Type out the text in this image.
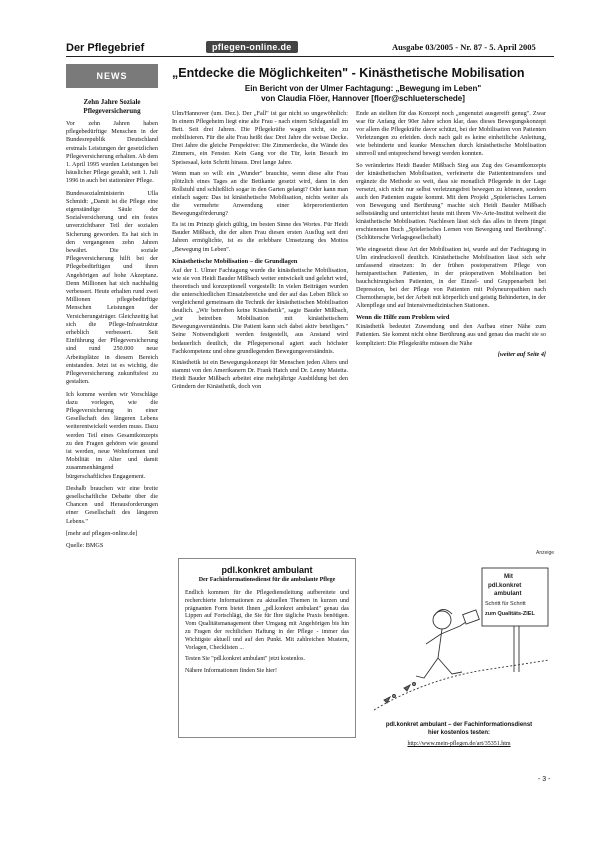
Der Pflegebrief	pflegen-online.de	Ausgabe 03/2005 - Nr. 87 - 5. April 2005
NEWS
Zehn Jahre Soziale Pflegeversicherung

Vor zehn Jahren haben pflegebedürftige Menschen in der Bundesrepublik Deutschland erstmals Leistungen der gesetzlichen Pflegeversicherung erhalten. Ab dem 1. April 1995 wurden Leistungen bei häuslicher Pflege gezahlt, seit 1. Juli 1996 in auch bei stationärer Pflege.

Bundessozialministerin Ulla Schmidt: „Damit ist die Pflege eine eigenständige Säule der Sozialversicherung und ein festes unverzichtbarer Teil der sozialen Sicherung geworden. Es hat sich in den vergangenen zehn Jahren bewährt. Die soziale Pflegeversicherung hilft bei der Pflegebedürftigen und ihren Angehörigen auf hohe Akzeptanz. Denn Millionen hat sich nachhaltig verbessert. Heute erhalten rund zwei Millionen pflegebedürftige Menschen Leistungen der Versicherungsträger. Gleichzeitig hat sich die Pflege-Infrastruktur erheblich verbessert. Seit Einführung der Pflegeversicherung sind rund 250.000 neue Arbeitsplätze in diesem Bereich entstanden. Jetzt ist es wichtig, die Pflegeversicherung zukunftsfest zu gestalten.

Ich komme werden wir Vorschläge dazu vorlegen, wie die Pflegeversicherung in einer Gesellschaft des längeren Lebens weiterentwickelt werden muss. Dazu werden Teil eines Gesamtkonzepts zu den Fragen gehören wie gesund ist werden, neue Wohnformen und Mobilität im Alter und damit zusammenhängend bürgerschaftliches Engagement.

Deshalb brauchen wir eine breite gesellschaftliche Debatte über die Chancen und Herausforderungen einer Gesellschaft des längeren Lebens."

[mehr auf pflegen-online.de]

Quelle: BMGS

„Entdecke die Möglichkeiten" - Kinästhetische Mobilisation
Ein Bericht von der Ulmer Fachtagung: „Bewegung im Leben"
von Claudia Flöer, Hannover [floer@schlueterschede]

Ulm/Hannover (um. Dez.). Der „Fall" ist gar nicht so ungewöhnlich: In einem Pflegeheim liegt eine alte Frau - nach einem Schlaganfall im Bett. Seit drei Jahren. Die Pflegekräfte wagen nicht, sie zu mobilisieren. Für die alte Frau heißt das: Drei Jahre die weisse Decke. Drei Jahre die gleiche Perspektive: Die Zimmerdecke, die Wände des Zimmers, ein Fenster. Kein Gang vor die Tür, kein Besuch im Speisesaal, kein Schritt hinaus. Drei lange Jahre.

Wenn man so will: ein „Wunder" brauchte, wenn diese alte Frau plötzlich eines Tages an die Bettkante gesetzt wird, dann in den Rollstuhl und schließlich sogar in den Garten gelangt? Oder kann man einfach sagen: Das ist kinästhetische Mobilisation, nichts weiter als die vermehrte Anwendung einer körperorientierten Bewegungsförderung?

Es ist im Prinzip gleich gültig, im besten Sinne des Wortes. Für Heidi Bauder Mißbach, die der alten Frau diesen ersten Ausflug seit drei Jahren ermöglichte, ist es die erlebbare Umsetzung des Mottos „Bewegung im Leben".

Kinästhetische Mobilisation – die Grundlagen

Auf der 1. Ulmer Fachtagung wurde die kinästhetische Mobilisation, wie sie von Heidi Bauder Mißbach weiter entwickelt und gelehrt wird, theoretisch und konzeptionell vorgestellt: In vielen Beiträgen wurden die unterschiedlichen Einsatzbereiche und der auf das Leben Blick so vergleichend gemeinsam die Technik der kinästhetischen Mobilisation deutlich. „Wir betreiben keine Kinästhetik", sagte Bauder Mißbach, „wir betreiben Mobilisation mit kinästhetischem Bewegungsverständnis. Die Patient kann sich dabei aktiv beteiligen." Seine Notwendigkeit werden festgestellt, aus Anstand wird bedauerlich deutlich, die Pflegepersonal agiert auch höchster Fachkompetenz und ohne grundlegenden Bewegungsverständnis.

Kinästhetik ist ein Bewegungskonzept für Menschen jeden Alters und stammt von den Amerikanern Dr. Frank Hatch und Dr. Lenny Maietta. Heidi Bauder Mißbach arbeitet eine mehrjährige Ausbildung bei den Gründern der Kinästhetik, doch von

Ende an stellten für das Konzept noch „ungenutzt ausgereift genug". Zwar war für Anfang der 90er Jahre schon klar, dass dieses Bewegungskonzept vor allem die Pflegekräfte davor schützt, bei der Mobilisation von Patienten Verletzungen zu erleiden. doch nach galt es keine einheitliche Anleitung, wie behinderte und kranke Menschen durch kinästhetische Mobilisation sinnvoll und entsprechend bewegt werden konnten.

So verändertes Heidi Bauder Mißbach Sieg aus Zug des Gesamtkonzepts der kinästhetischen Mobilisation, verfeinerte die Patiententransfers und ergänzte die Methode so weit, dass sie monatlich Pflegende in der Lage versetzt, sich nicht nur selbst verletzungsfrei bewegen zu können, sondern auch den Patienten zugute kommt. Mit dem Projekt „Spielerisches Lernen von Bewegung und Berührung" machte sich Heidi Bauder Mißbach selbstständig und unterrichtet heute mit ihrem Viv-Arte-Institut weltweit die kinästhetische Mobilisation. Nachlesen lässt sich das alles in ihrem jüngst erschienenen Buch „Spielerisches Lernen von Bewegung und Berührung". (Schlütersche Verlagsgesellschaft)

Wie eingesetzt diese Art der Mobilisation ist, wurde auf der Fachtagung in Ulm eindrucksvoll deutlich. Kinästhetische Mobilisation lässt sich sehr umfassend einsetzen: In der frühen postoperativen Pflege von hemiparetischen Patienten, in der präoperativen Mobilisation bei bauchchirurgischen Patienten, in der Einzel- und Gruppenarbeit bei Depression, bei der Pflege von Patienten mit Polyneuropathien nach Chemotherapie, bei der Arbeit mit körperlich und geistig Behinderten, in der Altenpflege und auf Intensivmedizinischen Stationen.

Wenn die Hilfe zum Problem wird

Kinästhetik bedeutet Zuwendung und den Aufbau einer Nähe zum Patienten. Sie kommt nicht ohne Berührung aus und genau das macht sie so kompliziert: Die Pflegekräfte müssen die Nähe

[weiter auf Seite 4]

pdl.konkret ambulant
Der Fachinformationsdienst für die ambulante Pflege

Endlich kommen für die Pflegedienstleitung aufbereitete und recherchierte Informationen zu aktuellen Themen in kurzen und prägnanten Form bietet Ihnen „pdl.konkret ambulant" genau das Lippen auf Fortschlägt, die Sie für Ihre tägliche Praxis benötigen. Vom Qualitätsmanagement über Umgang mit Angehörigen bis hin zu Fragen der rechtlichen Haftung in der Pflege - immer das Wichtigste aktuell und auf den Punkt. Mit zahlreichen Mustern, Vorlagen, Checklisten ...

Testen Sie "pdl.konkret ambulant" jetzt kostenlos.

Nähere Informationen finden Sie hier!

Anzeige
Mit
pdl.konkret
ambulant
Schritt für Schritt
zum Qualitäts-ZIEL
pdl.konkret ambulant – der Fachinformationsdienst
hier kostenlos testen:
http://www.mein-pflegen.de/art/35351.htm
- 3 -
